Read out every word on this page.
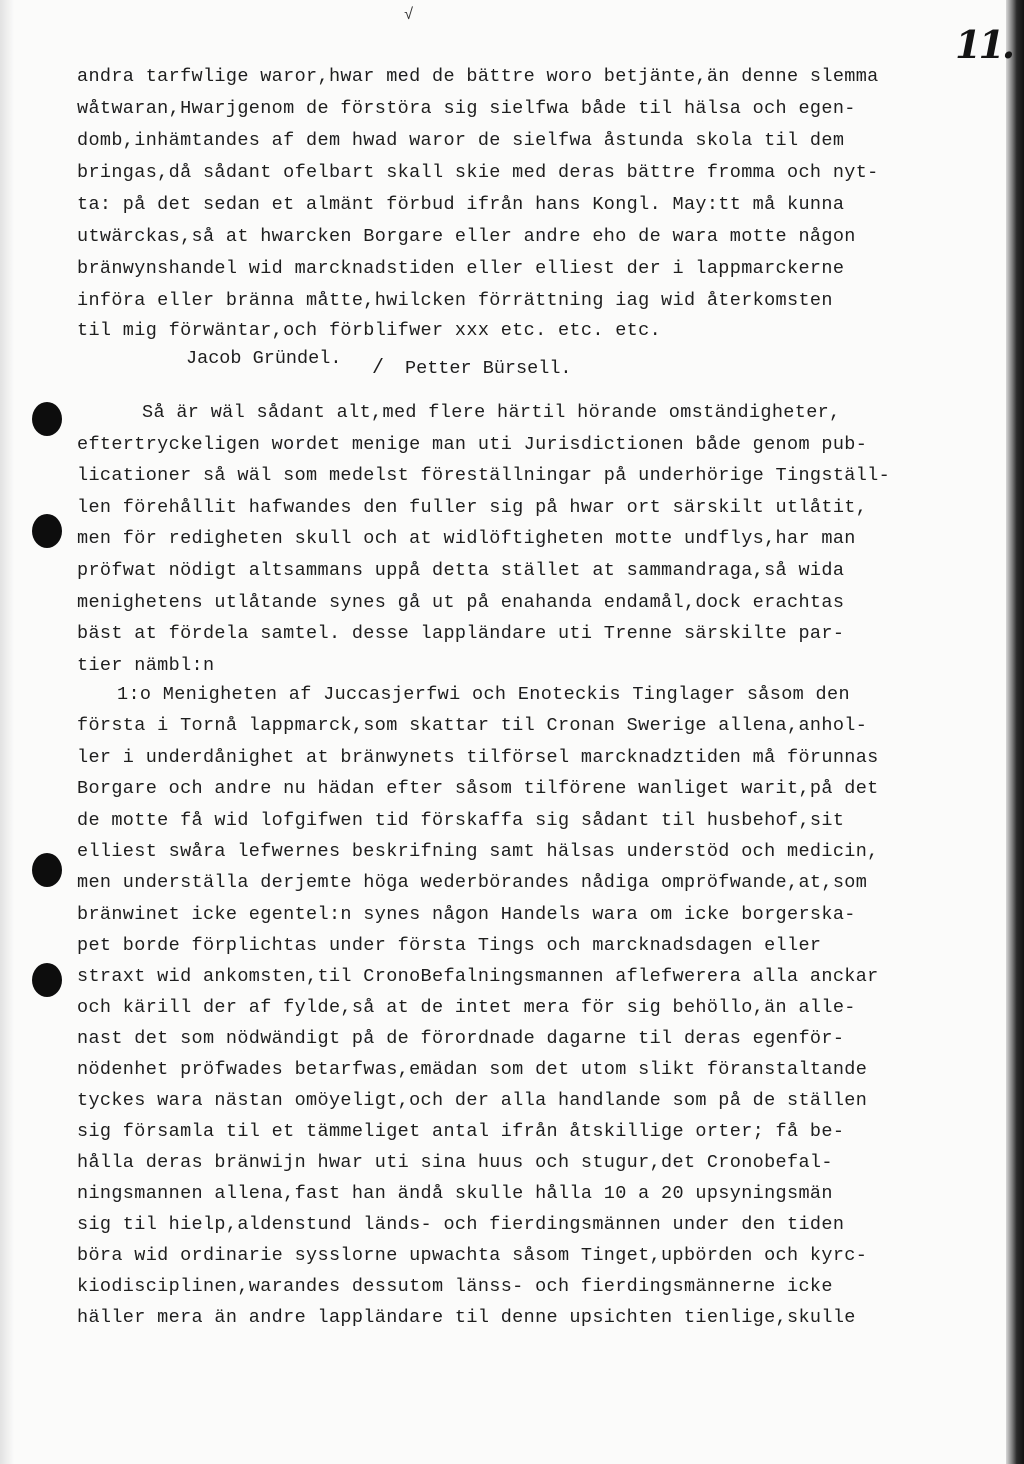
√
11.
andra tarfwlige waror,hwar med de bättre woro betjänte,än denne slemma
wåtwaran,Hwarjgenom de förstöra sig sielfwa både til hälsa och egen-
domb,inhämtandes af dem hwad waror de sielfwa åstunda skola til dem
bringas,då sådant ofelbart skall skie med deras bättre fromma och nyt-
ta: på det sedan et almänt förbud ifrån hans Kongl. May:tt må kunna
utwärckas,så at hwarcken Borgare eller andre eho de wara motte någon
bränwynshandel wid marcknadstiden eller elliest der i lappmarckerne
införa eller bränna måtte,hwilcken förrättning iag wid återkomsten
til mig förwäntar,och förblifwer xxx etc. etc. etc.
Jacob Gründel. / Petter Bürsell.
Så är wäl sådant alt,med flere härtil hörande omständigheter,
eftertryckeligen wordet menige man uti Jurisdictionen både genom pub-
licationer så wäl som medelst föreställningar på underhörige Tingställ-
len förehållit hafwandes den fuller sig på hwar ort särskilt utlåtit,
men för redigheten skull och at widlöftigheten motte undflys,har man
pröfwat nödigt altsammans uppå detta stället at sammandraga,så wida
menighetens utlåtande synes gå ut på enahanda endamål,dock erachtas
bäst at fördela samtel. desse lappländare uti Trenne särskilte par-
tier nämbl:n
1:o Menigheten af Juccasjerfwi och Enoteckis Tinglager såsom den
första i Tornå lappmarck,som skattar til Cronan Swerige allena,anhol-
ler i underdånighet at bränwynets tilförsel marcknadztiden må förunnas
Borgare och andre nu hädan efter såsom tilförene wanliget warit,på det
de motte få wid lofgifwen tid förskaffa sig sådant til husbehof,sit
elliest swåra lefwernes beskrifning samt hälsas understöd och medicin,
men underställa derjemte höga wederbörandes nådiga ompröfwande,at,som
bränwinet icke egentel:n synes någon Handels wara om icke borgerska-
pet borde förplichtas under första Tings och marcknadsdagen eller
straxt wid ankomsten,til CronoBefalningsmannen aflefwerera alla anckar
och kärill der af fylde,så at de intet mera för sig behöllo,än alle-
nast det som nödwändigt på de förordnade dagarne til deras egenför-
nödenhet pröfwades betarfwas,emädan som det utom slikt föranstaltande
tyckes wara nästan omöyeligt,och der alla handlande som på de ställen
sig församla til et tämmeliget antal ifrån åtskillige orter; få be-
hålla deras bränwijn hwar uti sina huus och stugur,det Cronobefal-
ningsmannen allena,fast han ändå skulle hålla 10 a 20 upsyningsmän
sig til hielp,aldenstund länds- och fierdingsmännen under den tiden
böra wid ordinarie sysslorne upwachta såsom Tinget,upbörden och kyrc-
kiodisciplinen,warandes dessutom länss- och fierdingsmännerne icke
häller mera än andre lappländare til denne upsichten tienlige,skulle
